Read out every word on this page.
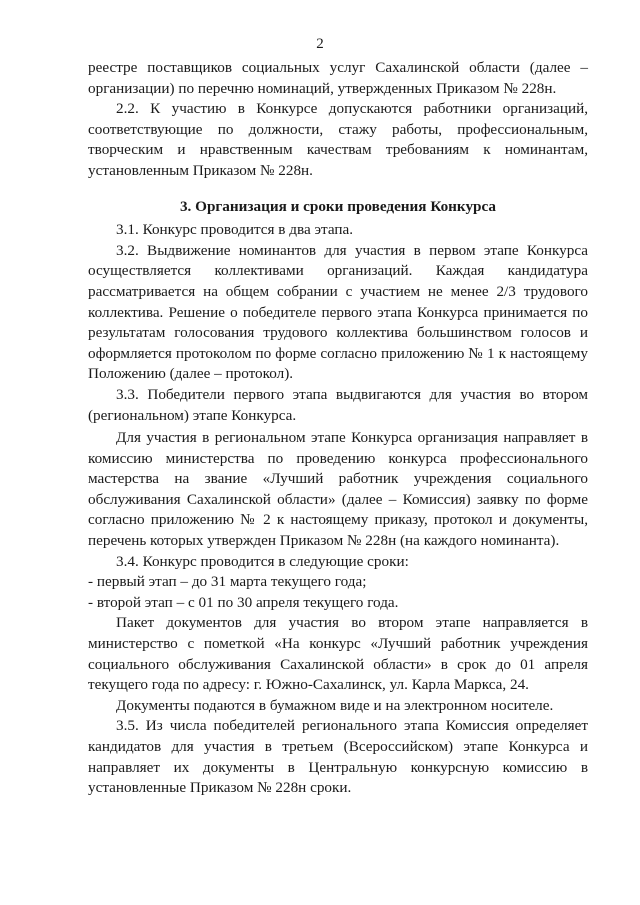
2

реестре поставщиков социальных услуг Сахалинской области (далее – организации) по перечню номинаций, утвержденных Приказом № 228н.

2.2. К участию в Конкурсе допускаются работники организаций, соответствующие по должности, стажу работы, профессиональным, творческим и нравственным качествам требованиям к номинантам, установленным Приказом № 228н.

3. Организация и сроки проведения Конкурса

3.1. Конкурс проводится в два этапа.

3.2. Выдвижение номинантов для участия в первом этапе Конкурса осуществляется коллективами организаций. Каждая кандидатура рассматривается на общем собрании с участием не менее 2/3 трудового коллектива. Решение о победителе первого этапа Конкурса принимается по результатам голосования трудового коллектива большинством голосов и оформляется протоколом по форме согласно приложению № 1 к настоящему Положению (далее – протокол).

3.3. Победители первого этапа выдвигаются для участия во втором (региональном) этапе Конкурса.

Для участия в региональном этапе Конкурса организация направляет в комиссию министерства по проведению конкурса профессионального мастерства на звание «Лучший работник учреждения социального обслуживания Сахалинской области» (далее – Комиссия) заявку по форме согласно приложению № 2 к настоящему приказу, протокол и документы, перечень которых утвержден Приказом № 228н (на каждого номинанта).

3.4. Конкурс проводится в следующие сроки:

- первый этап – до 31 марта текущего года;

- второй этап – с 01 по 30 апреля текущего года.

Пакет документов для участия во втором этапе направляется в министерство с пометкой «На конкурс «Лучший работник учреждения социального обслуживания Сахалинской области» в срок до 01 апреля текущего года по адресу: г. Южно-Сахалинск, ул. Карла Маркса, 24.

Документы подаются в бумажном виде и на электронном носителе.

3.5. Из числа победителей регионального этапа Комиссия определяет кандидатов для участия в третьем (Всероссийском) этапе Конкурса и направляет их документы в Центральную конкурсную комиссию в установленные Приказом № 228н сроки.
